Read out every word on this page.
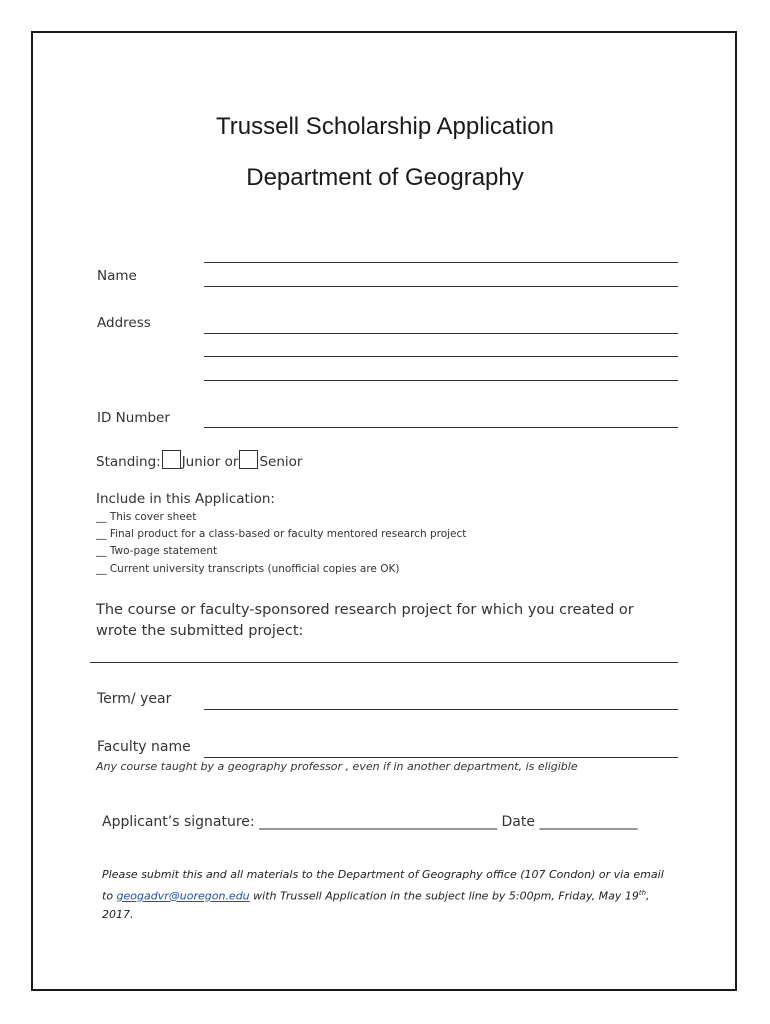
Trussell Scholarship Application
Department of Geography
Name
Address
ID Number
Standing: Junior or Senior
Include in this Application:
__ This cover sheet
__ Final product for a class-based or faculty mentored research project
__ Two-page statement
__ Current university transcripts (unofficial copies are OK)
The course or faculty-sponsored research project for which you created or wrote the submitted project:
Term/ year
Faculty name
Any course taught by a geography professor , even if in another department, is eligible
Applicant’s signature: __________________________________ Date ______________
Please submit this and all materials to the Department of Geography office (107 Condon) or via email to geogadvr@uoregon.edu with Trussell Application in the subject line by 5:00pm, Friday, May 19th, 2017.
